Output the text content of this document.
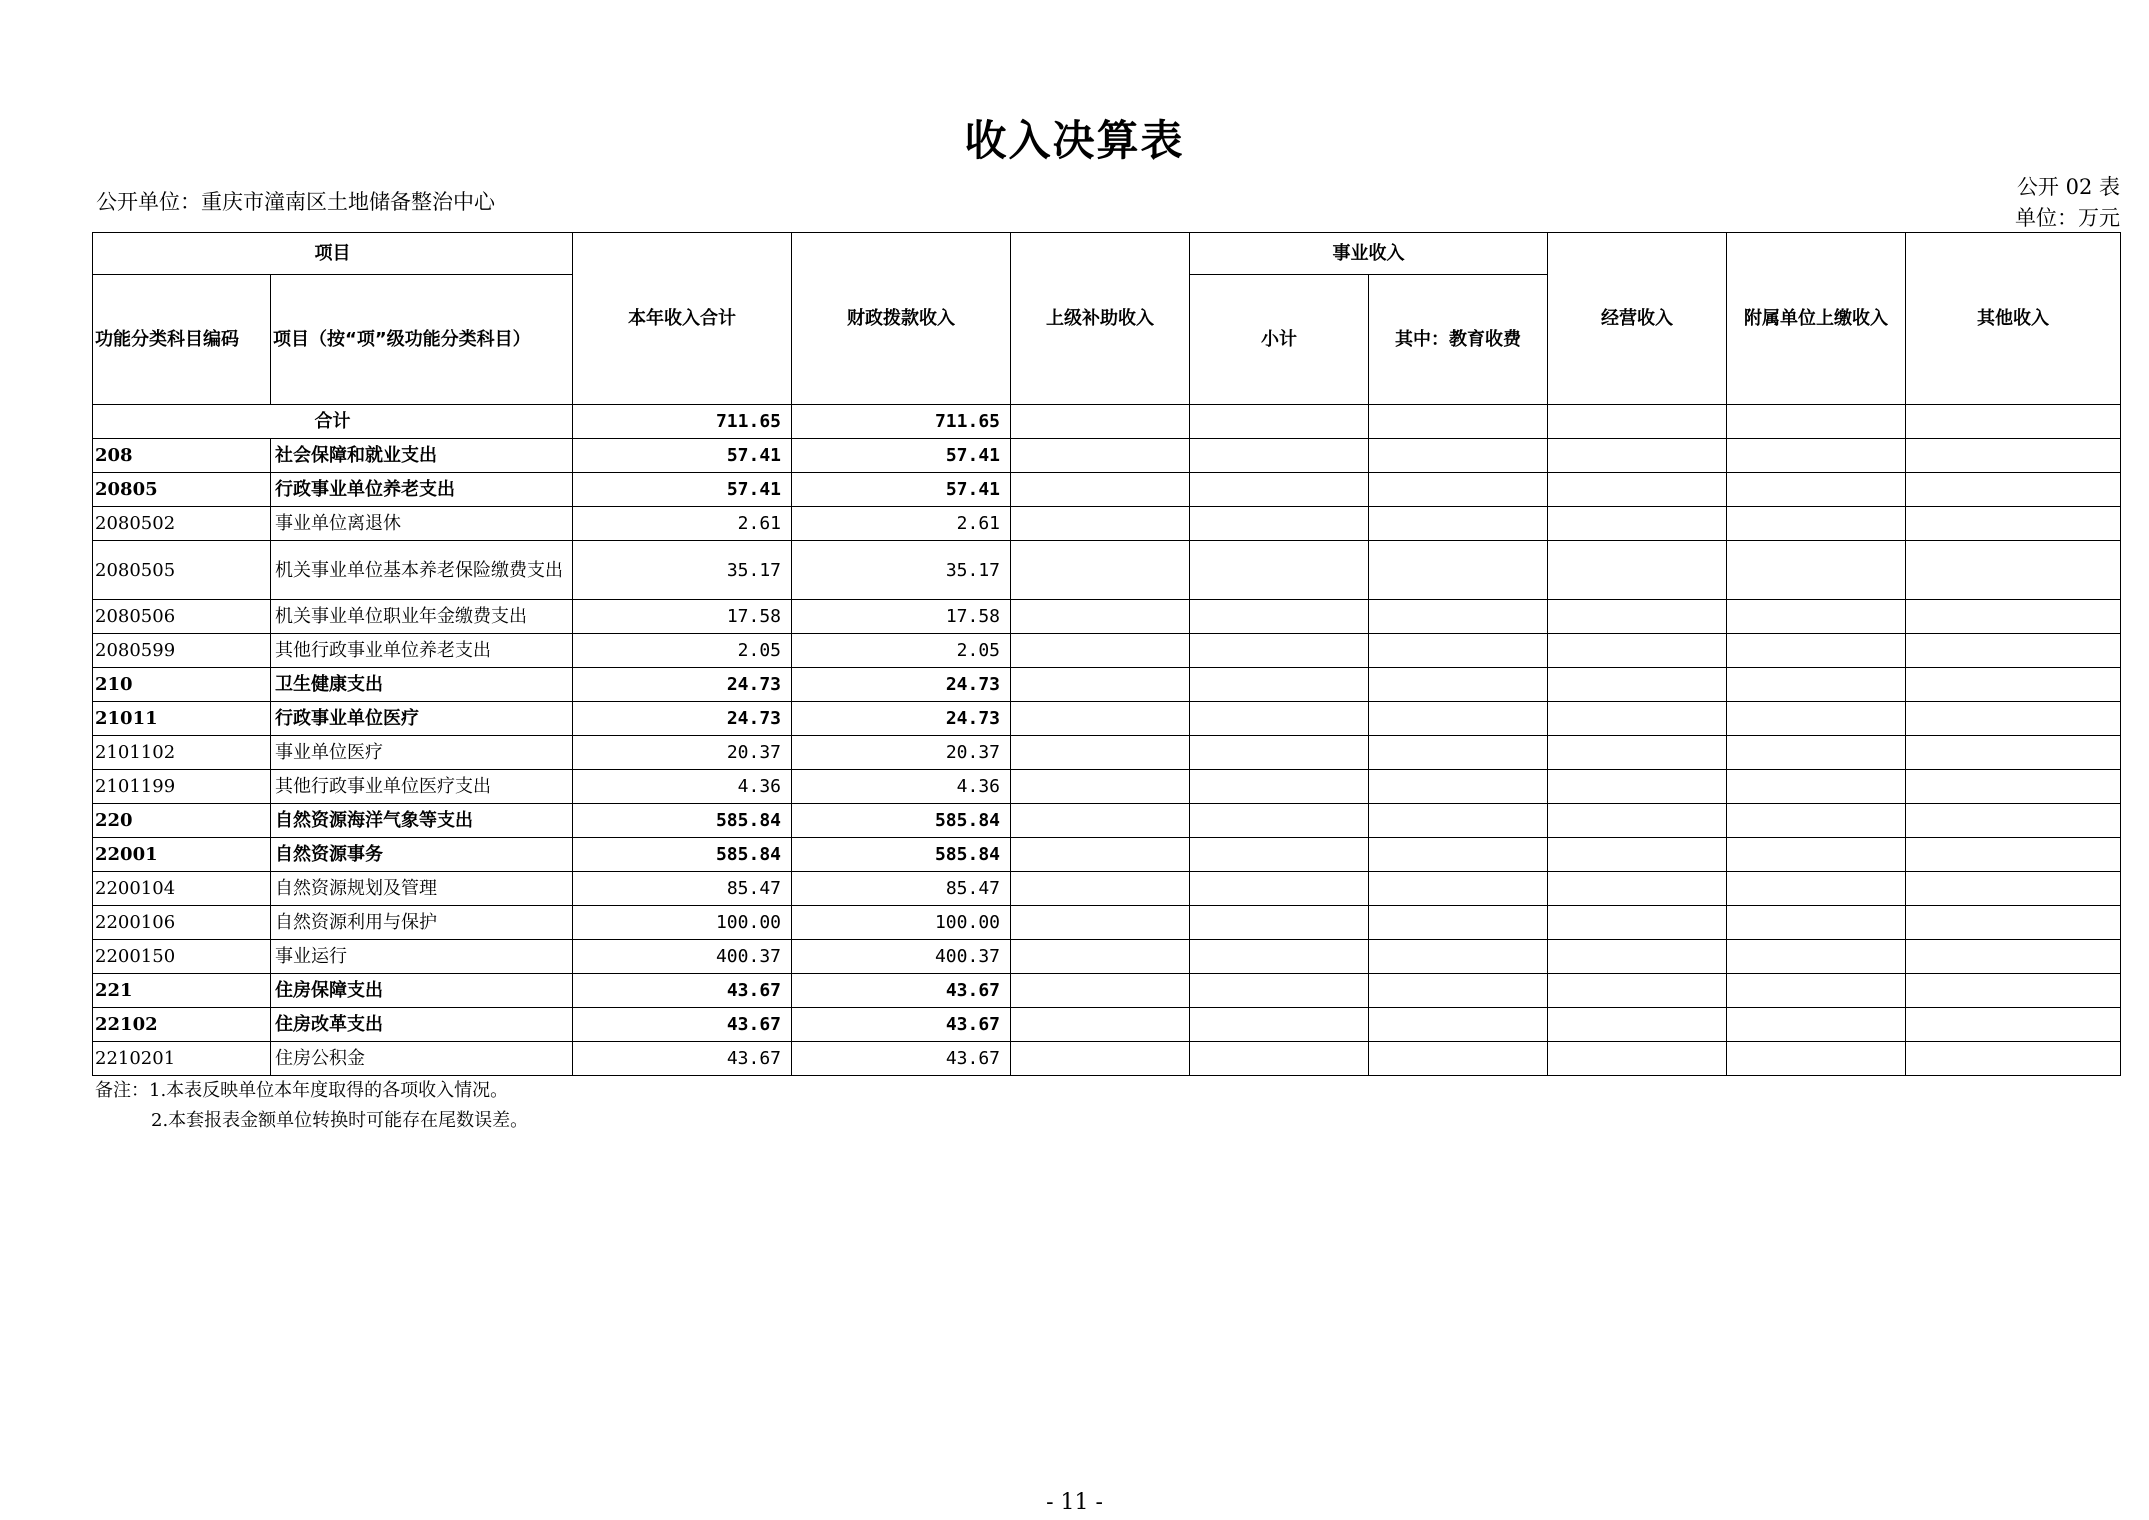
收入决算表
公开单位：重庆市潼南区土地储备整治中心
公开 02 表
单位：万元
项目		本年收入合计	财政拨款收入	上级补助收入	事业收入		经营收入	附属单位上缴收入	其他收入
功能分类科目编码	项目（按“项”级功能分类科目）				小计	其中：教育收费			
合计		711.65	711.65						
208	社会保障和就业支出	57.41	57.41						
20805	行政事业单位养老支出	57.41	57.41						
2080502	事业单位离退休	2.61	2.61						
2080505	机关事业单位基本养老保险缴费支出	35.17	35.17						
2080506	机关事业单位职业年金缴费支出	17.58	17.58						
2080599	其他行政事业单位养老支出	2.05	2.05						
210	卫生健康支出	24.73	24.73						
21011	行政事业单位医疗	24.73	24.73						
2101102	事业单位医疗	20.37	20.37						
2101199	其他行政事业单位医疗支出	4.36	4.36						
220	自然资源海洋气象等支出	585.84	585.84						
22001	自然资源事务	585.84	585.84						
2200104	自然资源规划及管理	85.47	85.47						
2200106	自然资源利用与保护	100.00	100.00						
2200150	事业运行	400.37	400.37						
221	住房保障支出	43.67	43.67						
22102	住房改革支出	43.67	43.67						
2210201	住房公积金	43.67	43.67						
备注：1.本表反映单位本年度取得的各项收入情况。
2.本套报表金额单位转换时可能存在尾数误差。
- 11 -
